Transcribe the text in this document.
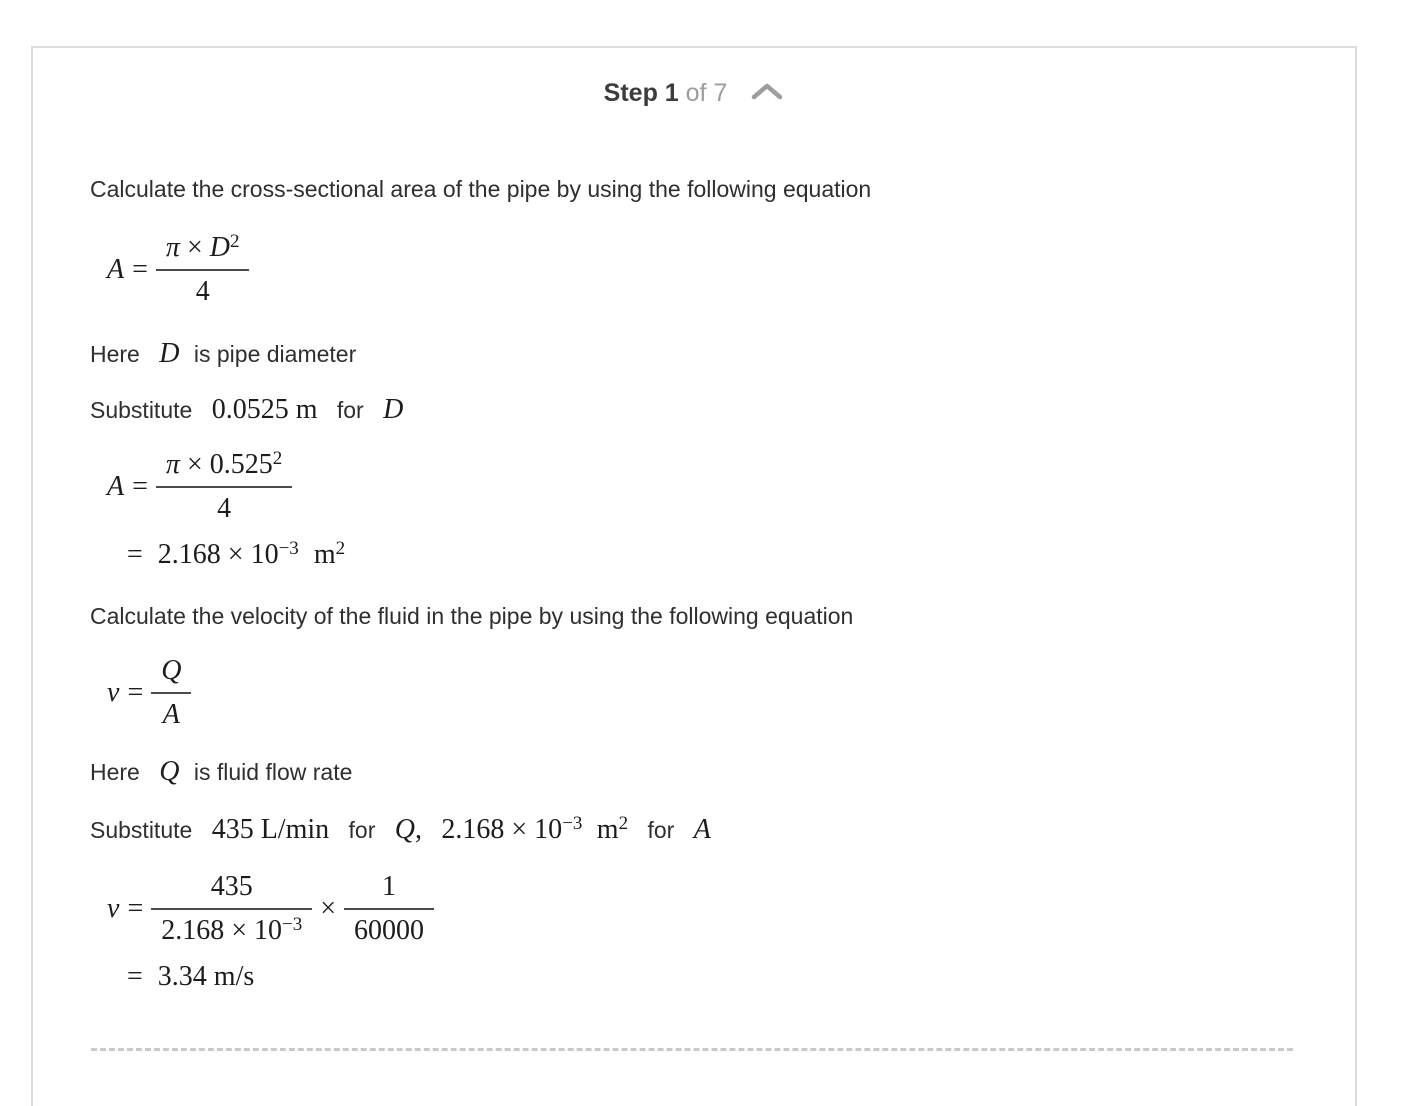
Step 1 of 7

Calculate the cross-sectional area of the pipe by using the following equation

$A = \frac{\pi \times D^2}{4}$

Here D is pipe diameter

Substitute 0.0525 m for D

$A = \frac{\pi \times 0.525^2}{4}$
= $2.168 \times 10^{-3}$ $m^2$

Calculate the velocity of the fluid in the pipe by using the following equation

$v = \frac{Q}{A}$

Here Q is fluid flow rate

Substitute 435 L/min for Q, $2.168 \times 10^{-3}$ $m^2$ for A

$v = \frac{435}{2.168 \times 10^{-3}} \times \frac{1}{60000}$
= 3.34 m/s
